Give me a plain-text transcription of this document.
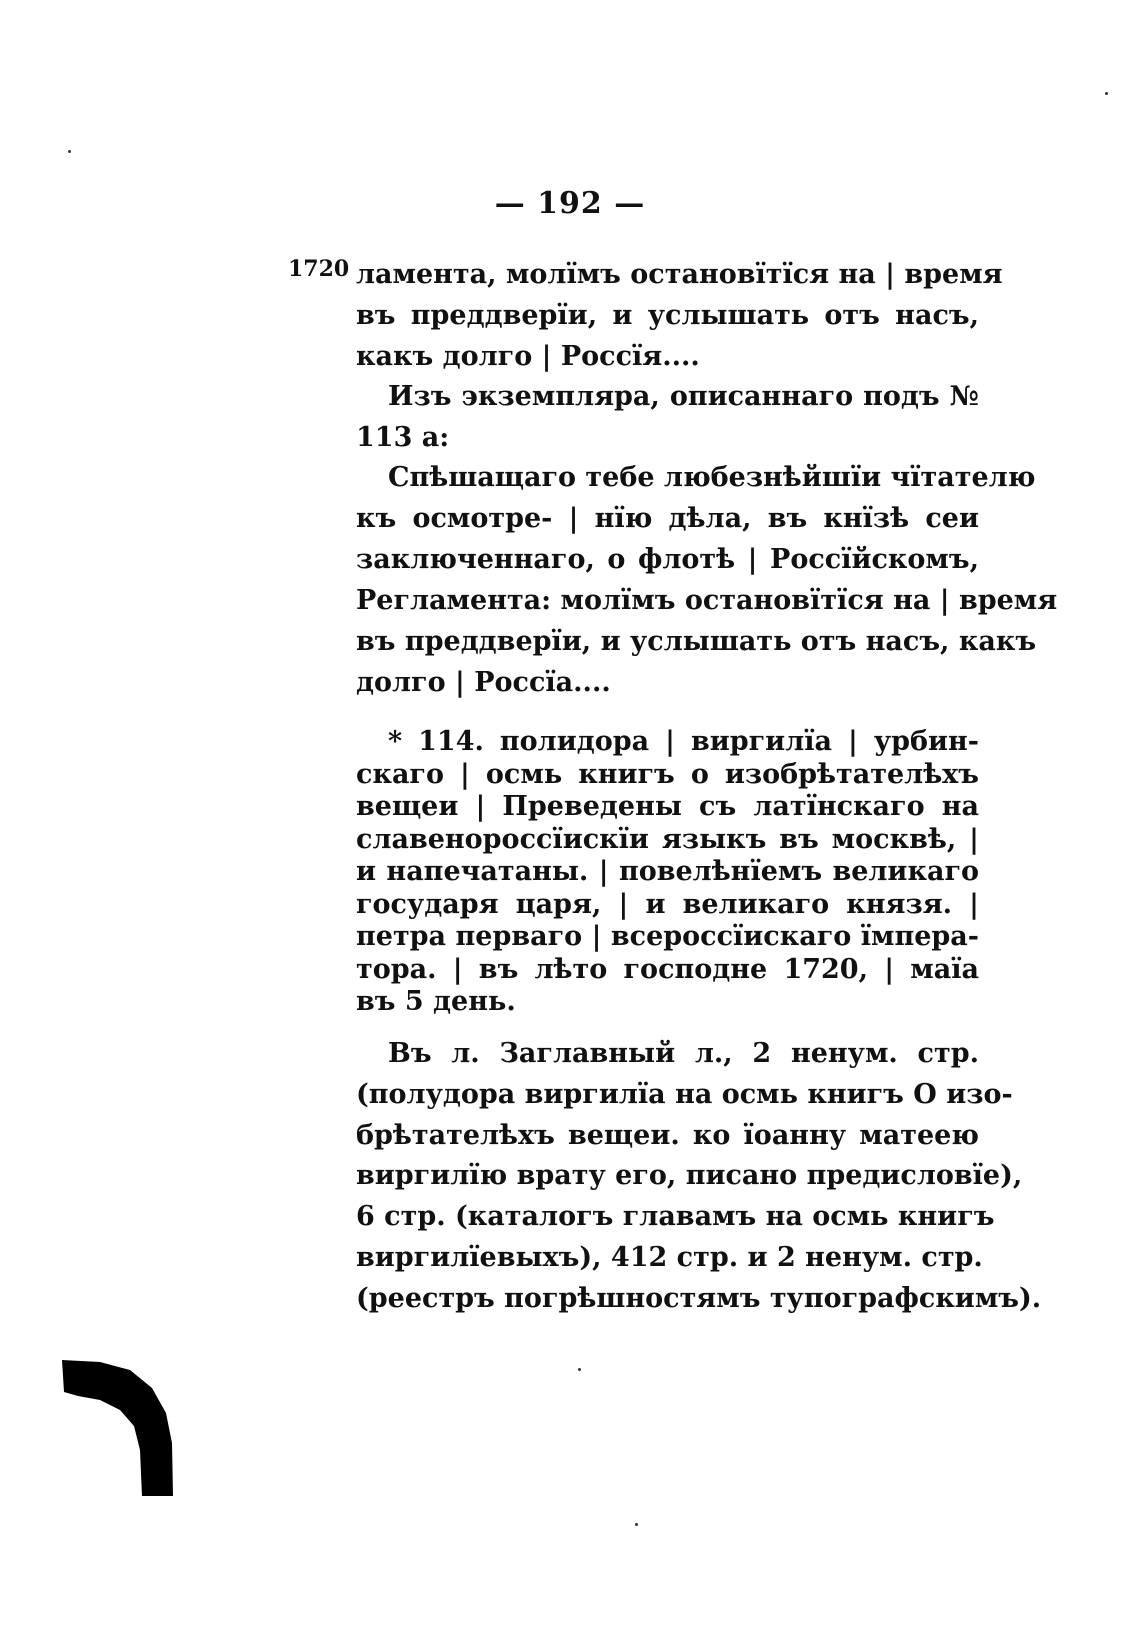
— 192 —
1720 ламента, молїмъ остановїтїся на | время
въ преддверїи, и услышать отъ насъ,
какъ долго | Россїя....
Изъ экземпляра, описаннаго подъ №
113 а:
Спѣшащаго тебе любезнѣйшїи чїтателю
къ осмотре- | нїю дѣла, въ кнїзѣ сеи
заключеннаго, о флотѣ | Россїйскомъ,
Регламента: молїмъ остановїтїся на | время
въ преддверїи, и услышать отъ насъ, какъ
долго | Россїа....
* 114. полидора | виргилїа | урбин-
скаго | осмь книгъ о изобрѣтателѣхъ
вещеи | Преведены съ латїнскаго на
славенороссїискїи языкъ въ москвѣ, |
и напечатаны. | повелѣнїемъ великаго
государя царя, | и великаго князя. |
петра перваго | всероссїискаго їмпера-
тора. | въ лѣто господне 1720, | маїа
въ 5 день.
Въ л. Заглавный л., 2 ненум. стр.
(полудора виргилїа на осмь книгъ О изо-
брѣтателѣхъ вещеи. ко їоанну матеею
виргилїю врату его, писано предисловїе),
6 стр. (каталогъ главамъ на осмь книгъ
виргилїевыхъ), 412 стр. и 2 ненум. стр.
(реестръ погрѣшностямъ тупографскимъ).
